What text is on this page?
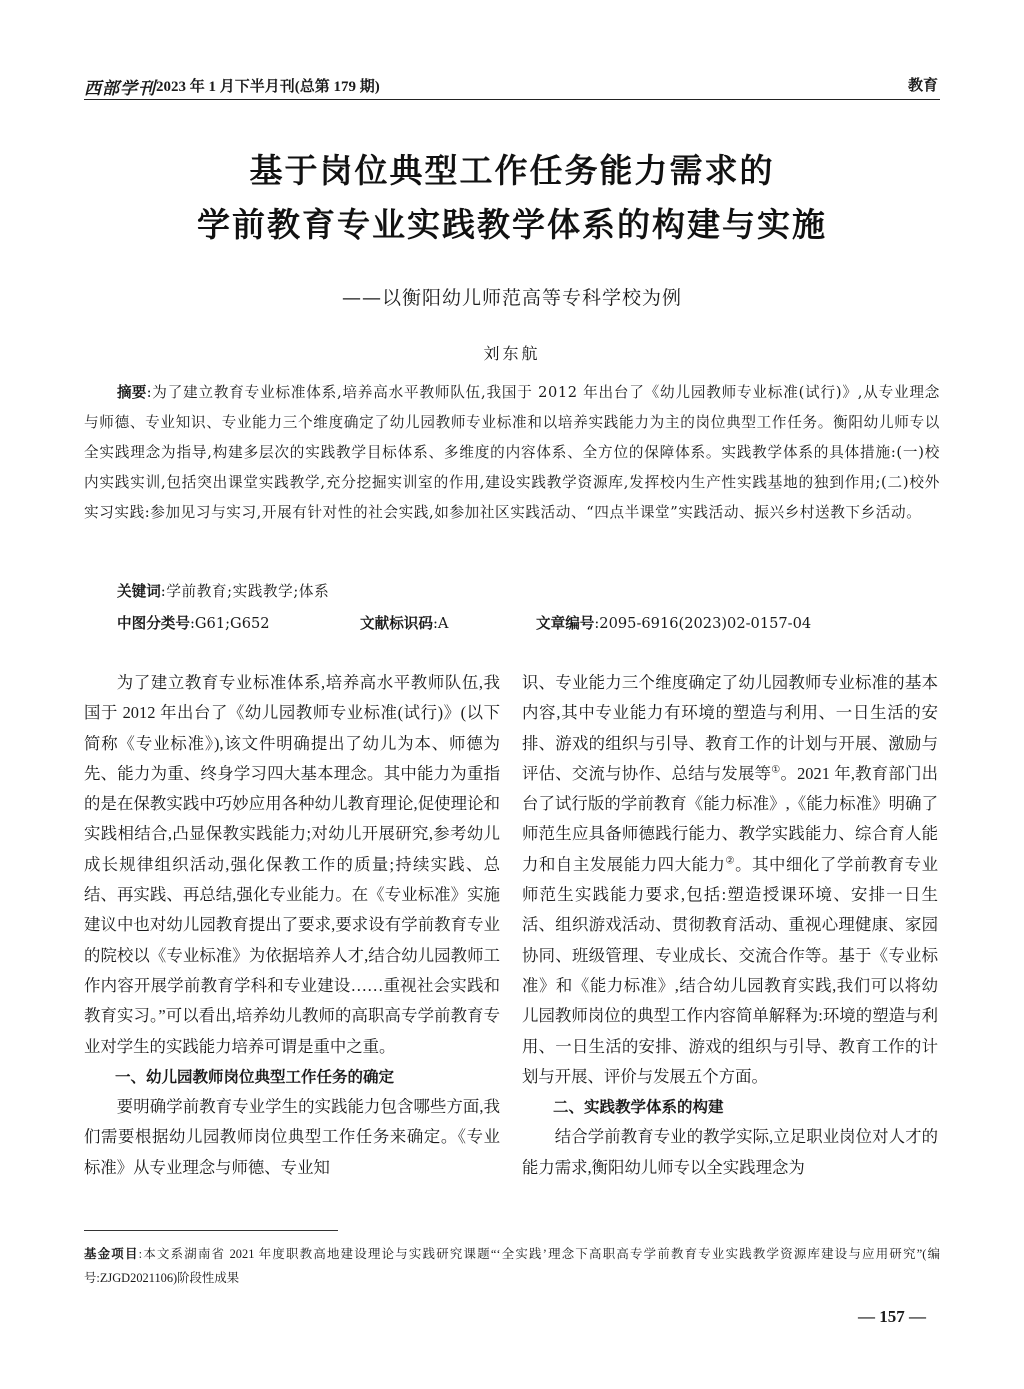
西部学刊 2023 年 1 月下半月刊(总第 179 期)	教育
基于岗位典型工作任务能力需求的
学前教育专业实践教学体系的构建与实施
——以衡阳幼儿师范高等专科学校为例
刘东航
摘要:为了建立教育专业标准体系,培养高水平教师队伍,我国于 2012 年出台了《幼儿园教师专业标准(试行)》,从专业理念与师德、专业知识、专业能力三个维度确定了幼儿园教师专业标准和以培养实践能力为主的岗位典型工作任务。衡阳幼儿师专以全实践理念为指导,构建多层次的实践教学目标体系、多维度的内容体系、全方位的保障体系。实践教学体系的具体措施:(一)校内实践实训,包括突出课堂实践教学,充分挖掘实训室的作用,建设实践教学资源库,发挥校内生产性实践基地的独到作用;(二)校外实习实践:参加见习与实习,开展有针对性的社会实践,如参加社区实践活动、“四点半课堂”实践活动、振兴乡村送教下乡活动。
关键词:学前教育;实践教学;体系
中图分类号:G61;G652	文献标识码:A	文章编号:2095-6916(2023)02-0157-04

为了建立教育专业标准体系,培养高水平教师队伍,我国于 2012 年出台了《幼儿园教师专业标准(试行)》(以下简称《专业标准》),该文件明确提出了幼儿为本、师德为先、能力为重、终身学习四大基本理念。其中能力为重指的是在保教实践中巧妙应用各种幼儿教育理论,促使理论和实践相结合,凸显保教实践能力;对幼儿开展研究,参考幼儿成长规律组织活动,强化保教工作的质量;持续实践、总结、再实践、再总结,强化专业能力。在《专业标准》实施建议中也对幼儿园教育提出了要求,要求设有学前教育专业的院校以《专业标准》为依据培养人才,结合幼儿园教师工作内容开展学前教育学科和专业建设……重视社会实践和教育实习。”可以看出,培养幼儿教师的高职高专学前教育专业对学生的实践能力培养可谓是重中之重。

一、幼儿园教师岗位典型工作任务的确定

要明确学前教育专业学生的实践能力包含哪些方面,我们需要根据幼儿园教师岗位典型工作任务来确定。《专业标准》从专业理念与师德、专业知

识、专业能力三个维度确定了幼儿园教师专业标准的基本内容,其中专业能力有环境的塑造与利用、一日生活的安排、游戏的组织与引导、教育工作的计划与开展、激励与评估、交流与协作、总结与发展等①。2021 年,教育部门出台了试行版的学前教育《能力标准》,《能力标准》明确了师范生应具备师德践行能力、教学实践能力、综合育人能力和自主发展能力四大能力②。其中细化了学前教育专业师范生实践能力要求,包括:塑造授课环境、安排一日生活、组织游戏活动、贯彻教育活动、重视心理健康、家园协同、班级管理、专业成长、交流合作等。基于《专业标准》和《能力标准》,结合幼儿园教育实践,我们可以将幼儿园教师岗位的典型工作内容简单解释为:环境的塑造与利用、一日生活的安排、游戏的组织与引导、教育工作的计划与开展、评价与发展五个方面。

二、实践教学体系的构建

结合学前教育专业的教学实际,立足职业岗位对人才的能力需求,衡阳幼儿师专以全实践理念为

基金项目:本文系湖南省 2021 年度职教高地建设理论与实践研究课题“‘全实践’理念下高职高专学前教育专业实践教学资源库建设与应用研究”(编号:ZJGD2021106)阶段性成果
— 157 —
